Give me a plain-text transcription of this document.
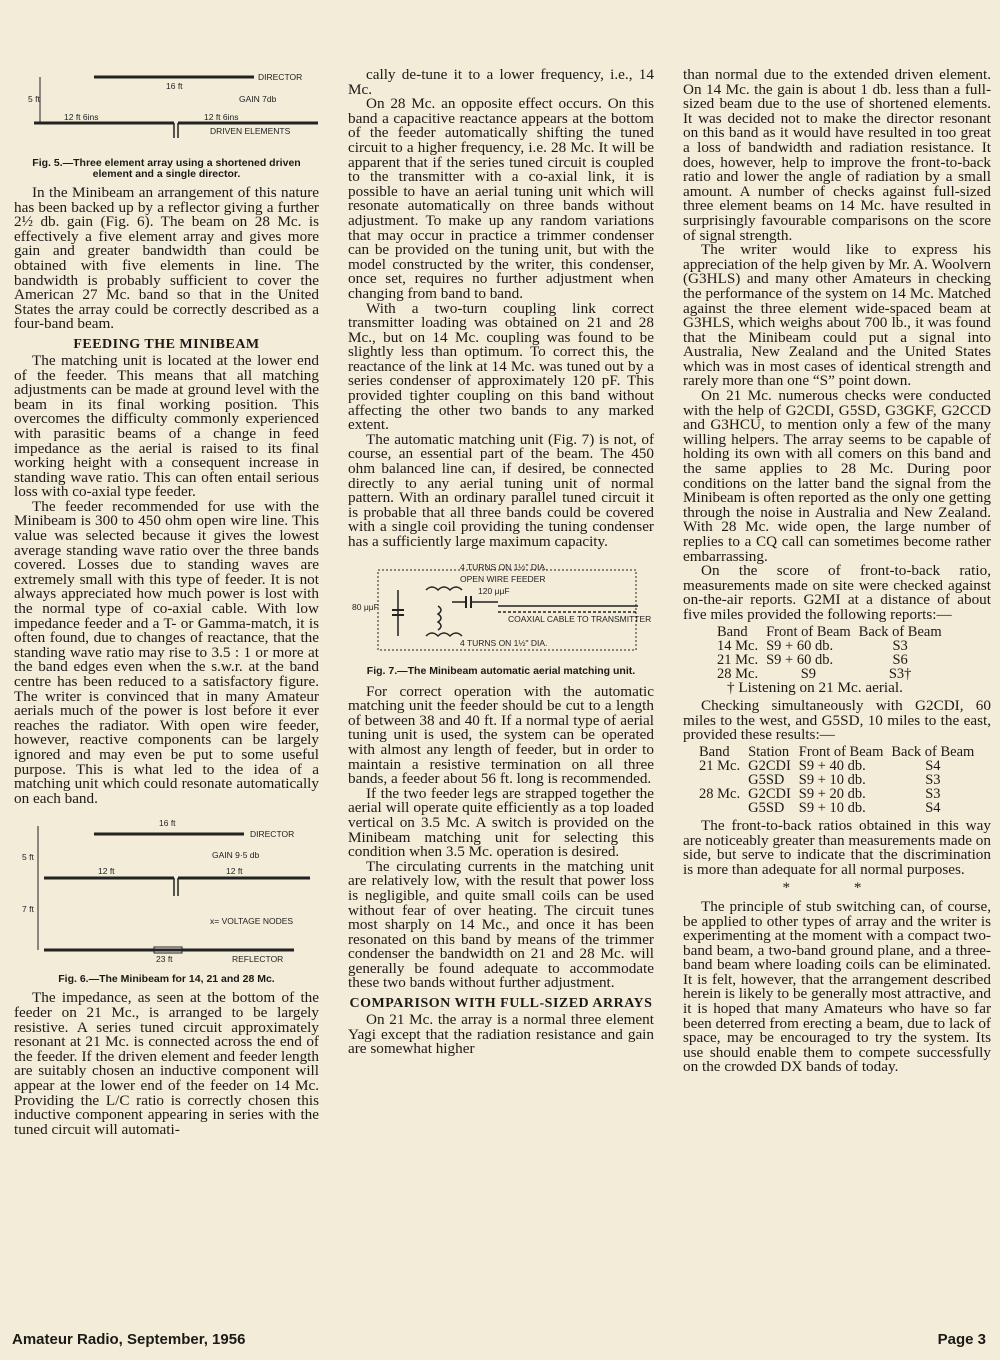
DIRECTOR
16 ft
5 ft	GAIN 7db
12 ft 6ins	12 ft 6ins
DRIVEN ELEMENTS
Fig. 5.—Three element array using a shortened driven element and a single director.

In the Minibeam an arrangement of this nature has been backed up by a reflector giving a further 2½ db. gain (Fig. 6). The beam on 28 Mc. is effectively a five element array and gives more gain and greater bandwidth than could be obtained with five elements in line. The bandwidth is probably sufficient to cover the American 27 Mc. band so that in the United States the array could be correctly described as a four-band beam.

FEEDING THE MINIBEAM

The matching unit is located at the lower end of the feeder. This means that all matching adjustments can be made at ground level with the beam in its final working position. This overcomes the difficulty commonly experienced with parasitic beams of a change in feed impedance as the aerial is raised to its final working height with a consequent increase in standing wave ratio. This can often entail serious loss with co-axial type feeder.

The feeder recommended for use with the Minibeam is 300 to 450 ohm open wire line. This value was selected because it gives the lowest average standing wave ratio over the three bands covered. Losses due to standing waves are extremely small with this type of feeder. It is not always appreciated how much power is lost with the normal type of co-axial cable. With low impedance feeder and a T- or Gamma-match, it is often found, due to changes of reactance, that the standing wave ratio may rise to 3.5 : 1 or more at the band edges even when the s.w.r. at the band centre has been reduced to a satisfactory figure. The writer is convinced that in many Amateur aerials much of the power is lost before it ever reaches the radiator. With open wire feeder, however, reactive components can be largely ignored and may even be put to some useful purpose. This is what led to the idea of a matching unit which could resonate automatically on each band.

16 ft
DIRECTOR
5 ft	GAIN 9·5 db
12 ft	12 ft
7 ft
x= VOLTAGE NODES
23 ft	REFLECTOR
Fig. 6.—The Minibeam for 14, 21 and 28 Mc.

The impedance, as seen at the bottom of the feeder on 21 Mc., is arranged to be largely resistive. A series tuned circuit approximately resonant at 21 Mc. is connected across the end of the feeder. If the driven element and feeder length are suitably chosen an inductive component will appear at the lower end of the feeder on 14 Mc. Providing the L/C ratio is correctly chosen this inductive component appearing in series with the tuned circuit will automati-

cally de-tune it to a lower frequency, i.e., 14 Mc.

On 28 Mc. an opposite effect occurs. On this band a capacitive reactance appears at the bottom of the feeder automatically shifting the tuned circuit to a higher frequency, i.e. 28 Mc. It will be apparent that if the series tuned circuit is coupled to the transmitter with a co-axial link, it is possible to have an aerial tuning unit which will resonate automatically on three bands without adjustment. To make up any random variations that may occur in practice a trimmer condenser can be provided on the tuning unit, but with the model constructed by the writer, this condenser, once set, requires no further adjustment when changing from band to band.

With a two-turn coupling link correct transmitter loading was obtained on 21 and 28 Mc., but on 14 Mc. coupling was found to be slightly less than optimum. To correct this, the reactance of the link at 14 Mc. was tuned out by a series condenser of approximately 120 pF. This provided tighter coupling on this band without affecting the other two bands to any marked extent.

The automatic matching unit (Fig. 7) is not, of course, an essential part of the beam. The 450 ohm balanced line can, if desired, be connected directly to any aerial tuning unit of normal pattern. With an ordinary parallel tuned circuit it is probable that all three bands could be covered with a single coil providing the tuning condenser has a sufficiently large maximum capacity.

4 TURNS ON 1½" DIA.
OPEN WIRE FEEDER
120 μμF
80 μμF
COAXIAL CABLE TO TRANSMITTER
4 TURNS ON 1½" DIA.
Fig. 7.—The Minibeam automatic aerial matching unit.

For correct operation with the automatic matching unit the feeder should be cut to a length of between 38 and 40 ft. If a normal type of aerial tuning unit is used, the system can be operated with almost any length of feeder, but in order to maintain a resistive termination on all three bands, a feeder about 56 ft. long is recommended.

If the two feeder legs are strapped together the aerial will operate quite efficiently as a top loaded vertical on 3.5 Mc. A switch is provided on the Minibeam matching unit for selecting this condition when 3.5 Mc. operation is desired.

The circulating currents in the matching unit are relatively low, with the result that power loss is negligible, and quite small coils can be used without fear of over heating. The circuit tunes most sharply on 14 Mc., and once it has been resonated on this band by means of the trimmer condenser the bandwidth on 21 and 28 Mc. will generally be found adequate to accommodate these two bands without further adjustment.

COMPARISON WITH FULL-SIZED ARRAYS

On 21 Mc. the array is a normal three element Yagi except that the radiation resistance and gain are somewhat higher

than normal due to the extended driven element. On 14 Mc. the gain is about 1 db. less than a full-sized beam due to the use of shortened elements. It was decided not to make the director resonant on this band as it would have resulted in too great a loss of bandwidth and radiation resistance. It does, however, help to improve the front-to-back ratio and lower the angle of radiation by a small amount. A number of checks against full-sized three element beams on 14 Mc. have resulted in surprisingly favourable comparisons on the score of signal strength.

The writer would like to express his appreciation of the help given by Mr. A. Woolvern (G3HLS) and many other Amateurs in checking the performance of the system on 14 Mc. Matched against the three element wide-spaced beam at G3HLS, which weighs about 700 lb., it was found that the Minibeam could put a signal into Australia, New Zealand and the United States which was in most cases of identical strength and rarely more than one “S” point down.

On 21 Mc. numerous checks were conducted with the help of G2CDI, G5SD, G3GKF, G2CCD and G3HCU, to mention only a few of the many willing helpers. The array seems to be capable of holding its own with all comers on this band and the same applies to 28 Mc. During poor conditions on the latter band the signal from the Minibeam is often reported as the only one getting through the noise in Australia and New Zealand. With 28 Mc. wide open, the large number of replies to a CQ call can sometimes become rather embarrassing.

On the score of front-to-back ratio, measurements made on site were checked against on-the-air reports. G2MI at a distance of about five miles provided the following reports:—

Band	Front of Beam	Back of Beam
14 Mc.	S9 + 60 db.	S3
21 Mc.	S9 + 60 db.	S6
28 Mc.	S9	S3†
† Listening on 21 Mc. aerial.

Checking simultaneously with G2CDI, 60 miles to the west, and G5SD, 10 miles to the east, provided these results:—

Band	Station	Front of Beam	Back of Beam
21 Mc.	G2CDI	S9 + 40 db.	S4
	G5SD	S9 + 10 db.	S3
28 Mc.	G2CDI	S9 + 20 db.	S3
	G5SD	S9 + 10 db.	S4

The front-to-back ratios obtained in this way are noticeably greater than measurements made on side, but serve to indicate that the discrimination is more than adequate for all normal purposes.

* *

The principle of stub switching can, of course, be applied to other types of array and the writer is experimenting at the moment with a compact two-band beam, a two-band ground plane, and a three-band beam where loading coils can be eliminated. It is felt, however, that the arrangement described herein is likely to be generally most attractive, and it is hoped that many Amateurs who have so far been deterred from erecting a beam, due to lack of space, may be encouraged to try the system. Its use should enable them to compete successfully on the crowded DX bands of today.

Amateur Radio, September, 1956	Page 3
